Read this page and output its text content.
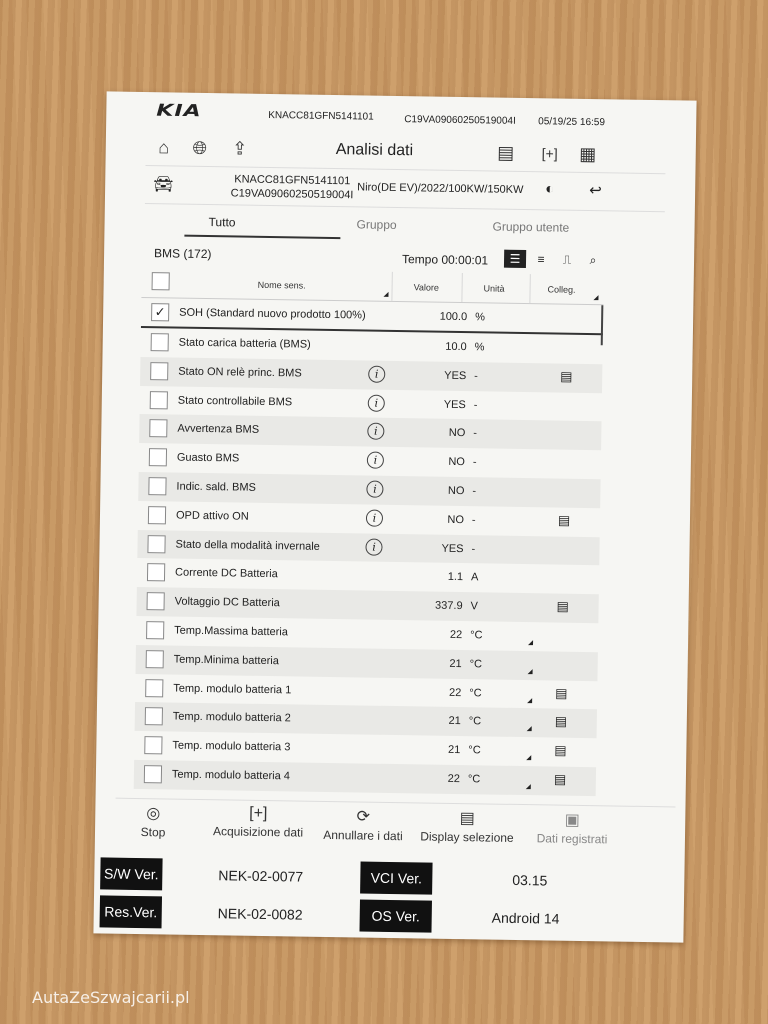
KIA	KNACC81GFN5141101	C19VA09060250519004I 05/19/25 16:59
⌂	🌐︎ ⇪	Analisi dati	▤ [+] ▦
🚘︎	KNACC81GFN5141101
C19VA09060250519004I Niro(DE EV)/2022/100KW/150KW ◐ ↩
Tutto	Gruppo	Gruppo utente
BMS (172)	Tempo 00:00:01	☰	≡	⎍	⌕
Nome sens.	Valore	Unità	Colleg.
✓	SOH (Standard nuovo prodotto 100%)	100.0 %
Stato carica batteria (BMS)	10.0 %
Stato ON relè princ. BMS	i	YES -	▤
Stato controllabile BMS	i	YES -
Avvertenza BMS	i	NO -
Guasto BMS	i	NO -
Indic. sald. BMS	i	NO -
OPD attivo ON	i	NO -	▤
Stato della modalità invernale	i	YES -
Corrente DC Batteria	1.1 A
Voltaggio DC Batteria	337.9 V	▤
Temp.Massima batteria	22 °C
Temp.Minima batteria	21 °C
Temp. modulo batteria 1	22 °C	▤
Temp. modulo batteria 2	21 °C	▤
Temp. modulo batteria 3	21 °C	▤
Temp. modulo batteria 4	22 °C	▤
◎
Stop
[+]
Acquisizione dati
⟳
Annullare i dati
▤
Display selezione
▣
Dati registrati
S/W Ver.	NEK-02-0077
Res.Ver.	NEK-02-0082
VCI Ver.	03.15
OS Ver.	Android 14
AutaZeSzwajcarii.pl
